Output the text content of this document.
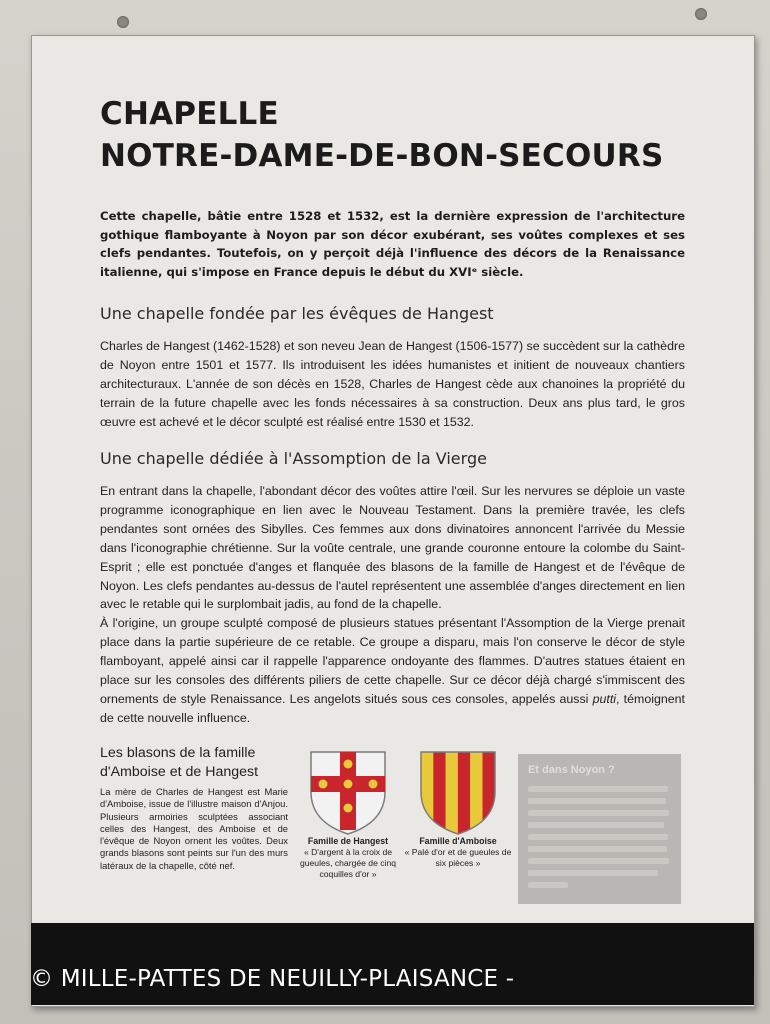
CHAPELLE
NOTRE-DAME-DE-BON-SECOURS
Cette chapelle, bâtie entre 1528 et 1532, est la dernière expression de l'architecture gothique flamboyante à Noyon par son décor exubérant, ses voûtes complexes et ses clefs pendantes. Toutefois, on y perçoit déjà l'influence des décors de la Renaissance italienne, qui s'impose en France depuis le début du XVIᵉ siècle.
Une chapelle fondée par les évêques de Hangest
Charles de Hangest (1462-1528) et son neveu Jean de Hangest (1506-1577) se succèdent sur la cathèdre de Noyon entre 1501 et 1577. Ils introduisent les idées humanistes et initient de nouveaux chantiers architecturaux. L'année de son décès en 1528, Charles de Hangest cède aux chanoines la propriété du terrain de la future chapelle avec les fonds nécessaires à sa construction. Deux ans plus tard, le gros œuvre est achevé et le décor sculpté est réalisé entre 1530 et 1532.
Une chapelle dédiée à l'Assomption de la Vierge
En entrant dans la chapelle, l'abondant décor des voûtes attire l'œil. Sur les nervures se déploie un vaste programme iconographique en lien avec le Nouveau Testament. Dans la première travée, les clefs pendantes sont ornées des Sibylles. Ces femmes aux dons divinatoires annoncent l'arrivée du Messie dans l'iconographie chrétienne. Sur la voûte centrale, une grande couronne entoure la colombe du Saint-Esprit ; elle est ponctuée d'anges et flanquée des blasons de la famille de Hangest et de l'évêque de Noyon. Les clefs pendantes au-dessus de l'autel représentent une assemblée d'anges directement en lien avec le retable qui le surplombait jadis, au fond de la chapelle.
À l'origine, un groupe sculpté composé de plusieurs statues présentant l'Assomption de la Vierge prenait place dans la partie supérieure de ce retable. Ce groupe a disparu, mais l'on conserve le décor de style flamboyant, appelé ainsi car il rappelle l'apparence ondoyante des flammes. D'autres statues étaient en place sur les consoles des différents piliers de cette chapelle. Sur ce décor déjà chargé s'immiscent des ornements de style Renaissance. Les angelots situés sous ces consoles, appelés aussi putti, témoignent de cette nouvelle influence.
Les blasons de la famille d'Amboise et de Hangest
La mère de Charles de Hangest est Marie d'Amboise, issue de l'illustre maison d'Anjou. Plusieurs armoiries sculptées associant celles des Hangest, des Amboise et de l'évêque de Noyon ornent les voûtes. Deux grands blasons sont peints sur l'un des murs latéraux de la chapelle, côté nef.
Famille de Hangest
« D'argent à la croix de gueules, chargée de cinq coquilles d'or »
Famille d'Amboise
« Palé d'or et de gueules de six pièces »
Et dans Noyon ?
© MILLE-PATTES DE NEUILLY-PLAISANCE -
